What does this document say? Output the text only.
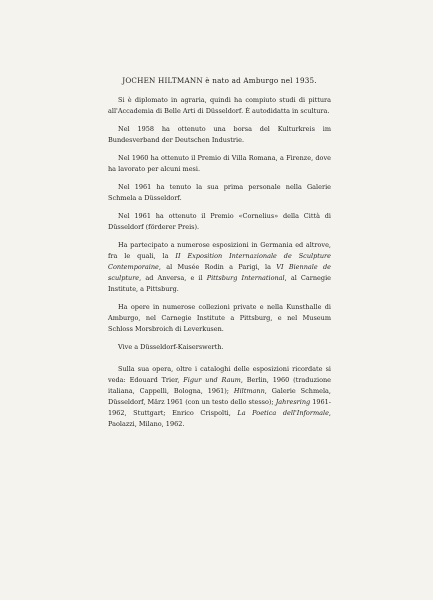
JOCHEN HILTMANN è nato ad Amburgo nel 1935.

Si è diplomato in agraria, quindi ha compiuto studi di pittura all'Accademia di Belle Arti di Düsseldorf. È autodidatta in scultura.

Nel 1958 ha ottenuto una borsa del Kulturkreis im Bundesverband der Deutschen Industrie.

Nel 1960 ha ottenuto il Premio di Villa Romana, a Firenze, dove ha lavorato per alcuni mesi.

Nel 1961 ha tenuto la sua prima personale nella Galerie Schmela a Düsseldorf.

Nel 1961 ha ottenuto il Premio «Cornelius» della Città di Düsseldorf (förderer Preis).

Ha partecipato a numerose esposizioni in Germania ed altrove, fra le quali, la II Exposition Internazionale de Sculpture Contemporaine, al Musée Rodin a Parigi, la VI Biennale de sculpture, ad Anversa, e il Pittsburg International, al Carnegie Institute, a Pittsburg.

Ha opere in numerose collezioni private e nella Kunsthalle di Amburgo, nel Carnegie Institute a Pittsburg, e nel Museum Schloss Morsbroich di Leverkusen.

Vive a Düsseldorf-Kaiserswerth.

Sulla sua opera, oltre i cataloghi delle esposizioni ricordate si veda: Edouard Trier, Figur und Raum, Berlin, 1960 (traduzione italiana, Cappelli, Bologna, 1961); Hiltmann, Galerie Schmela, Düsseldorf, März 1961 (con un testo dello stesso); Jahresring 1961-1962, Stuttgart; Enrico Crispolti, La Poetica dell'Informale, Paolazzi, Milano, 1962.
